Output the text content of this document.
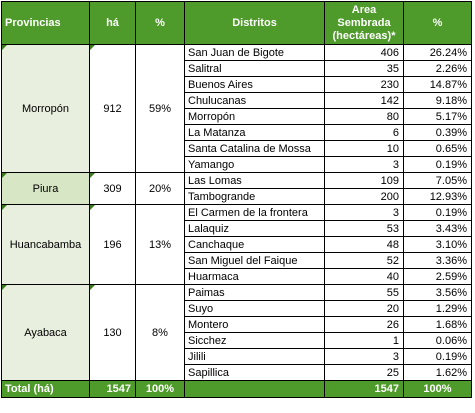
Provincias	há	%	Distritos	Area
Sembrada
(hectáreas)*	%
Morropón	912	59%	San Juan de Bigote	406	26.24%
			Salitral	35	2.26%
			Buenos Aires	230	14.87%
			Chulucanas	142	9.18%
			Morropón	80	5.17%
			La Matanza	6	0.39%
			Santa Catalina de Mossa	10	0.65%
			Yamango	3	0.19%
Piura	309	20%	Las Lomas	109	7.05%
			Tambogrande	200	12.93%
Huancabamba	196	13%	El Carmen de la frontera	3	0.19%
			Lalaquiz	53	3.43%
			Canchaque	48	3.10%
			San Miguel del Faique	52	3.36%
			Huarmaca	40	2.59%
Ayabaca	130	8%	Paimas	55	3.56%
			Suyo	20	1.29%
			Montero	26	1.68%
			Sicchez	1	0.06%
			Jilili	3	0.19%
			Sapillica	25	1.62%
Total (há)	1547	100%		1547	100%
